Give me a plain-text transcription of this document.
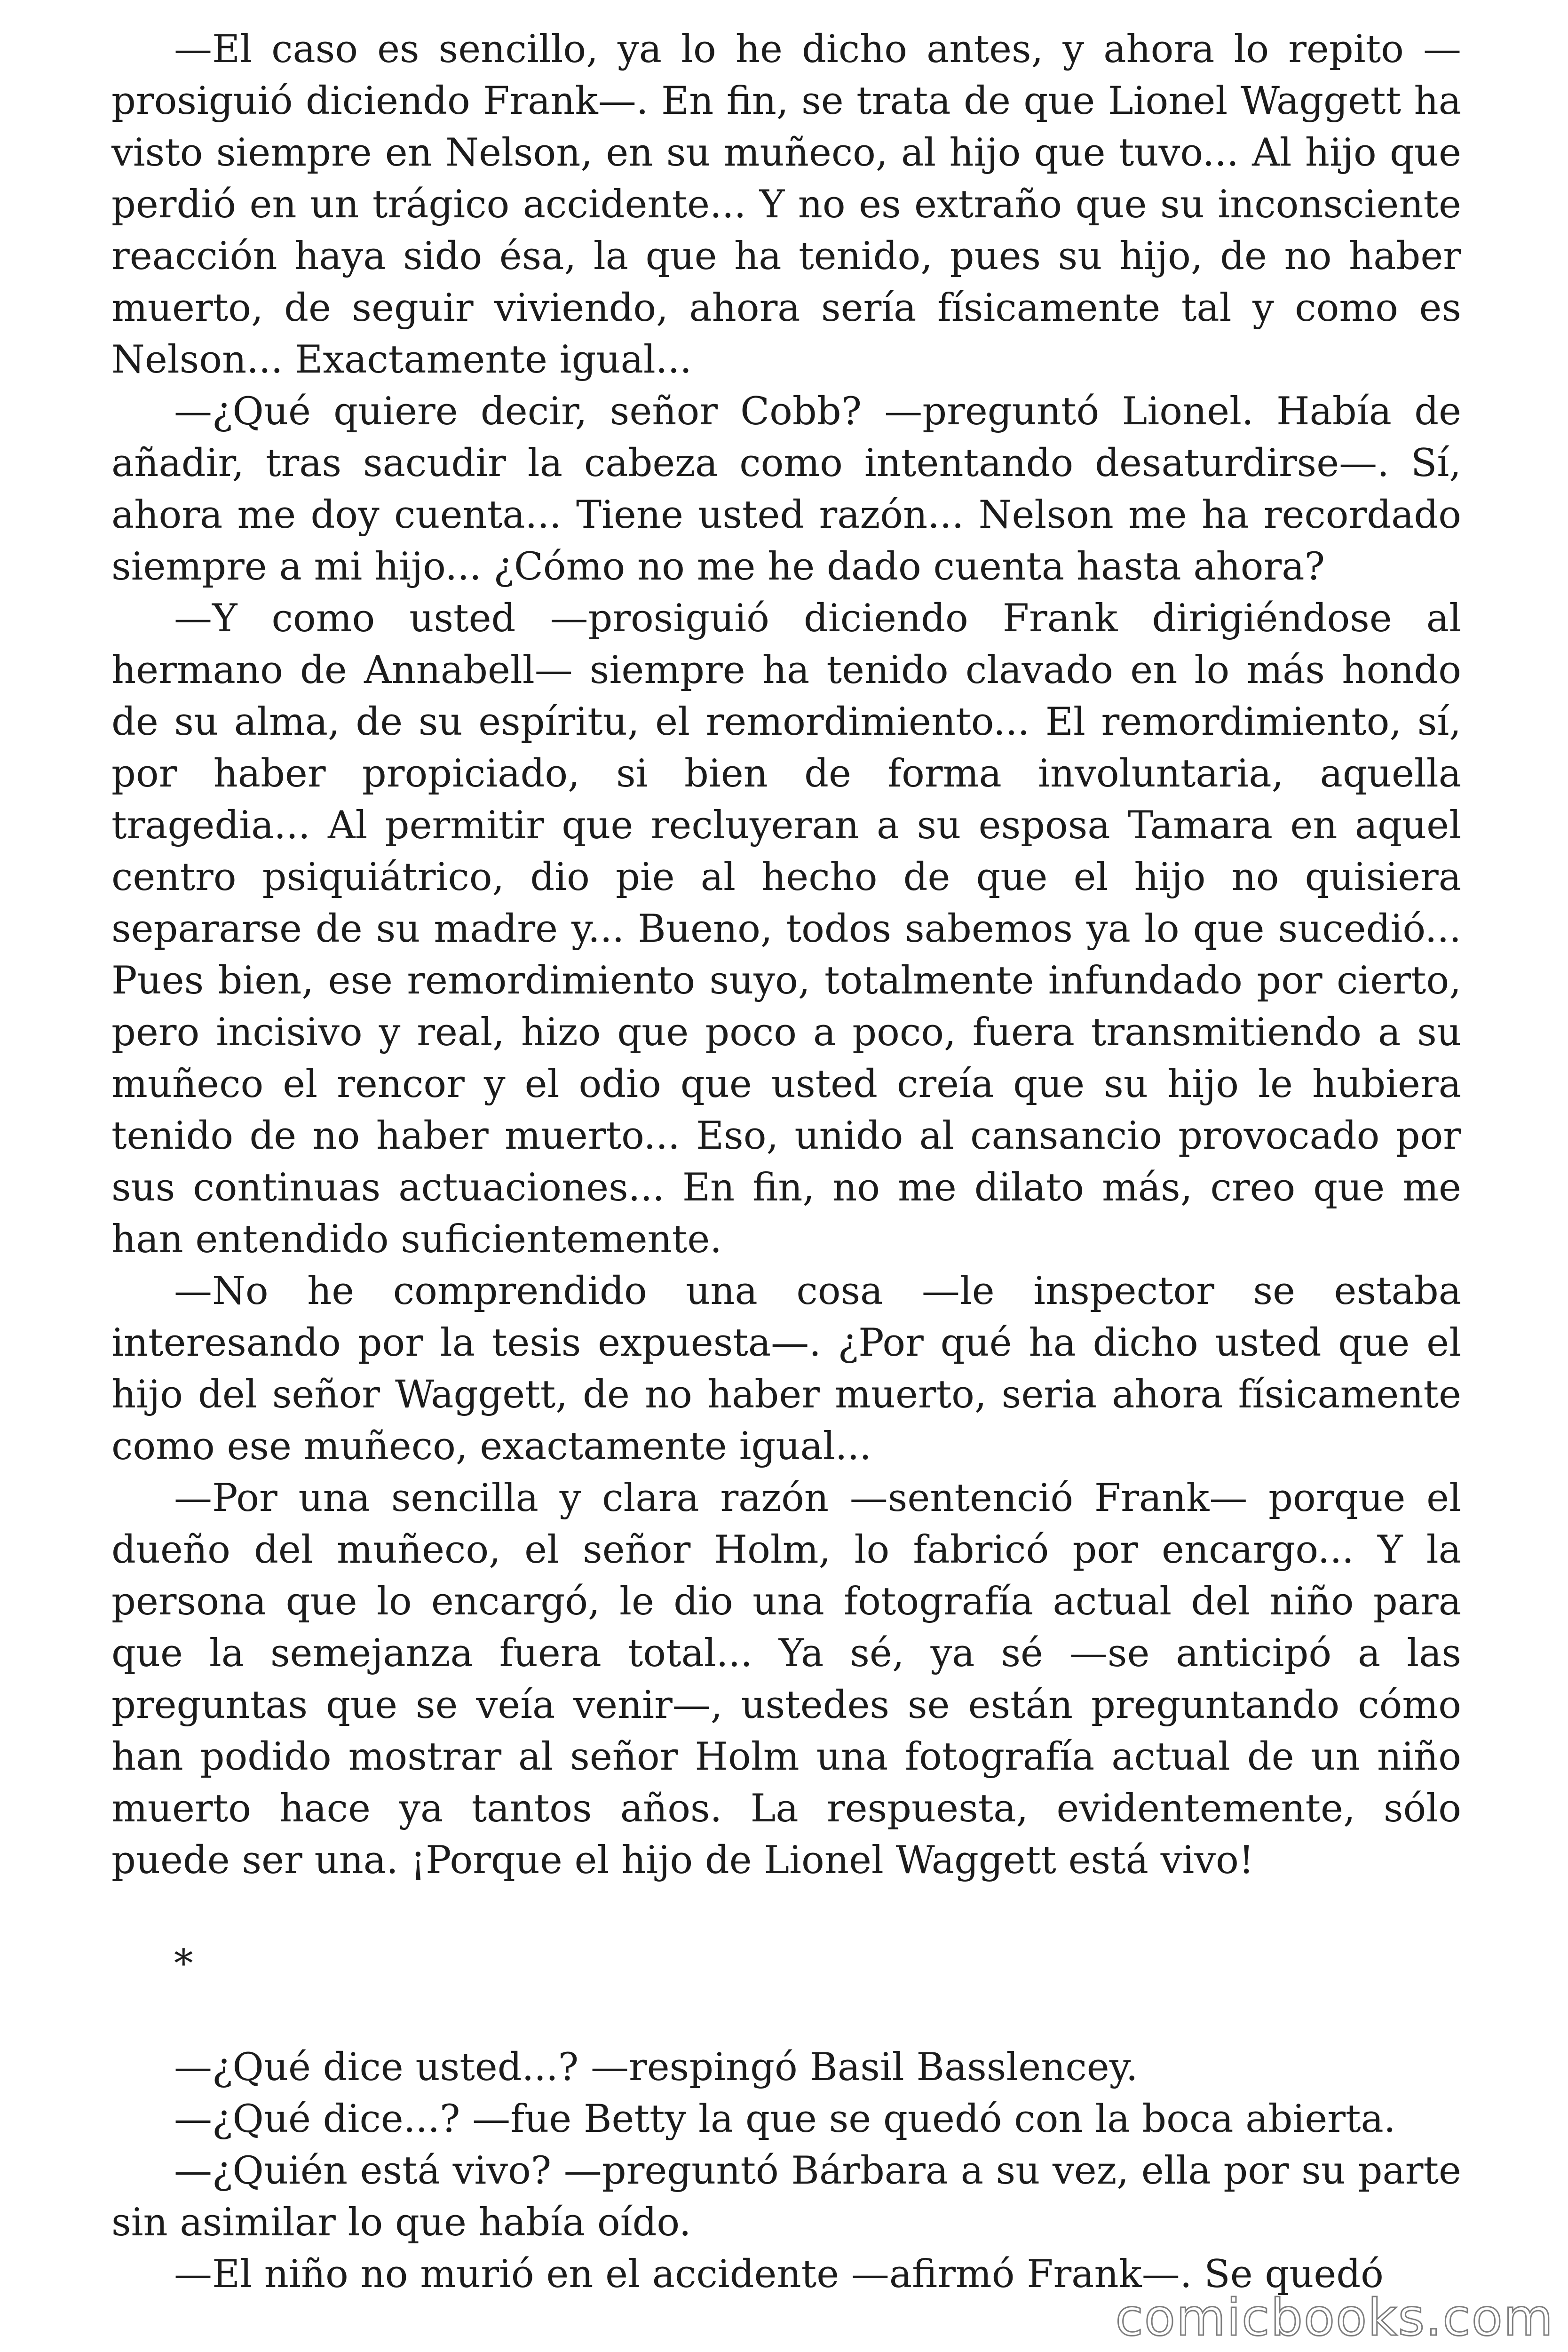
—El caso es sencillo, ya lo he dicho antes, y ahora lo repito —prosiguió diciendo Frank—. En fin, se trata de que Lionel Waggett ha visto siempre en Nelson, en su muñeco, al hijo que tuvo... Al hijo que perdió en un trágico accidente... Y no es extraño que su inconsciente reacción haya sido ésa, la que ha tenido, pues su hijo, de no haber muerto, de seguir viviendo, ahora sería físicamente tal y como es Nelson... Exactamente igual...

—¿Qué quiere decir, señor Cobb? —preguntó Lionel. Había de añadir, tras sacudir la cabeza como intentando desaturdirse—. Sí, ahora me doy cuenta... Tiene usted razón... Nelson me ha recordado siempre a mi hijo... ¿Cómo no me he dado cuenta hasta ahora?

—Y como usted —prosiguió diciendo Frank dirigiéndose al hermano de Annabell— siempre ha tenido clavado en lo más hondo de su alma, de su espíritu, el remordimiento... El remordimiento, sí, por haber propiciado, si bien de forma involuntaria, aquella tragedia... Al permitir que recluyeran a su esposa Tamara en aquel centro psiquiátrico, dio pie al hecho de que el hijo no quisiera separarse de su madre y... Bueno, todos sabemos ya lo que sucedió... Pues bien, ese remordimiento suyo, totalmente infundado por cierto, pero incisivo y real, hizo que poco a poco, fuera transmitiendo a su muñeco el rencor y el odio que usted creía que su hijo le hubiera tenido de no haber muerto... Eso, unido al cansancio provocado por sus continuas actuaciones... En fin, no me dilato más, creo que me han entendido suficientemente.

—No he comprendido una cosa —le inspector se estaba interesando por la tesis expuesta—. ¿Por qué ha dicho usted que el hijo del señor Waggett, de no haber muerto, seria ahora físicamente como ese muñeco, exactamente igual...

—Por una sencilla y clara razón —sentenció Frank— porque el dueño del muñeco, el señor Holm, lo fabricó por encargo... Y la persona que lo encargó, le dio una fotografía actual del niño para que la semejanza fuera total... Ya sé, ya sé —se anticipó a las preguntas que se veía venir—, ustedes se están preguntando cómo han podido mostrar al señor Holm una fotografía actual de un niño muerto hace ya tantos años. La respuesta, evidentemente, sólo puede ser una. ¡Porque el hijo de Lionel Waggett está vivo!

*

—¿Qué dice usted...? —respingó Basil Basslencey.

—¿Qué dice...? —fue Betty la que se quedó con la boca abierta.

—¿Quién está vivo? —preguntó Bárbara a su vez, ella por su parte sin asimilar lo que había oído.

—El niño no murió en el accidente —afirmó Frank—. Se quedó

comicbooks.com
